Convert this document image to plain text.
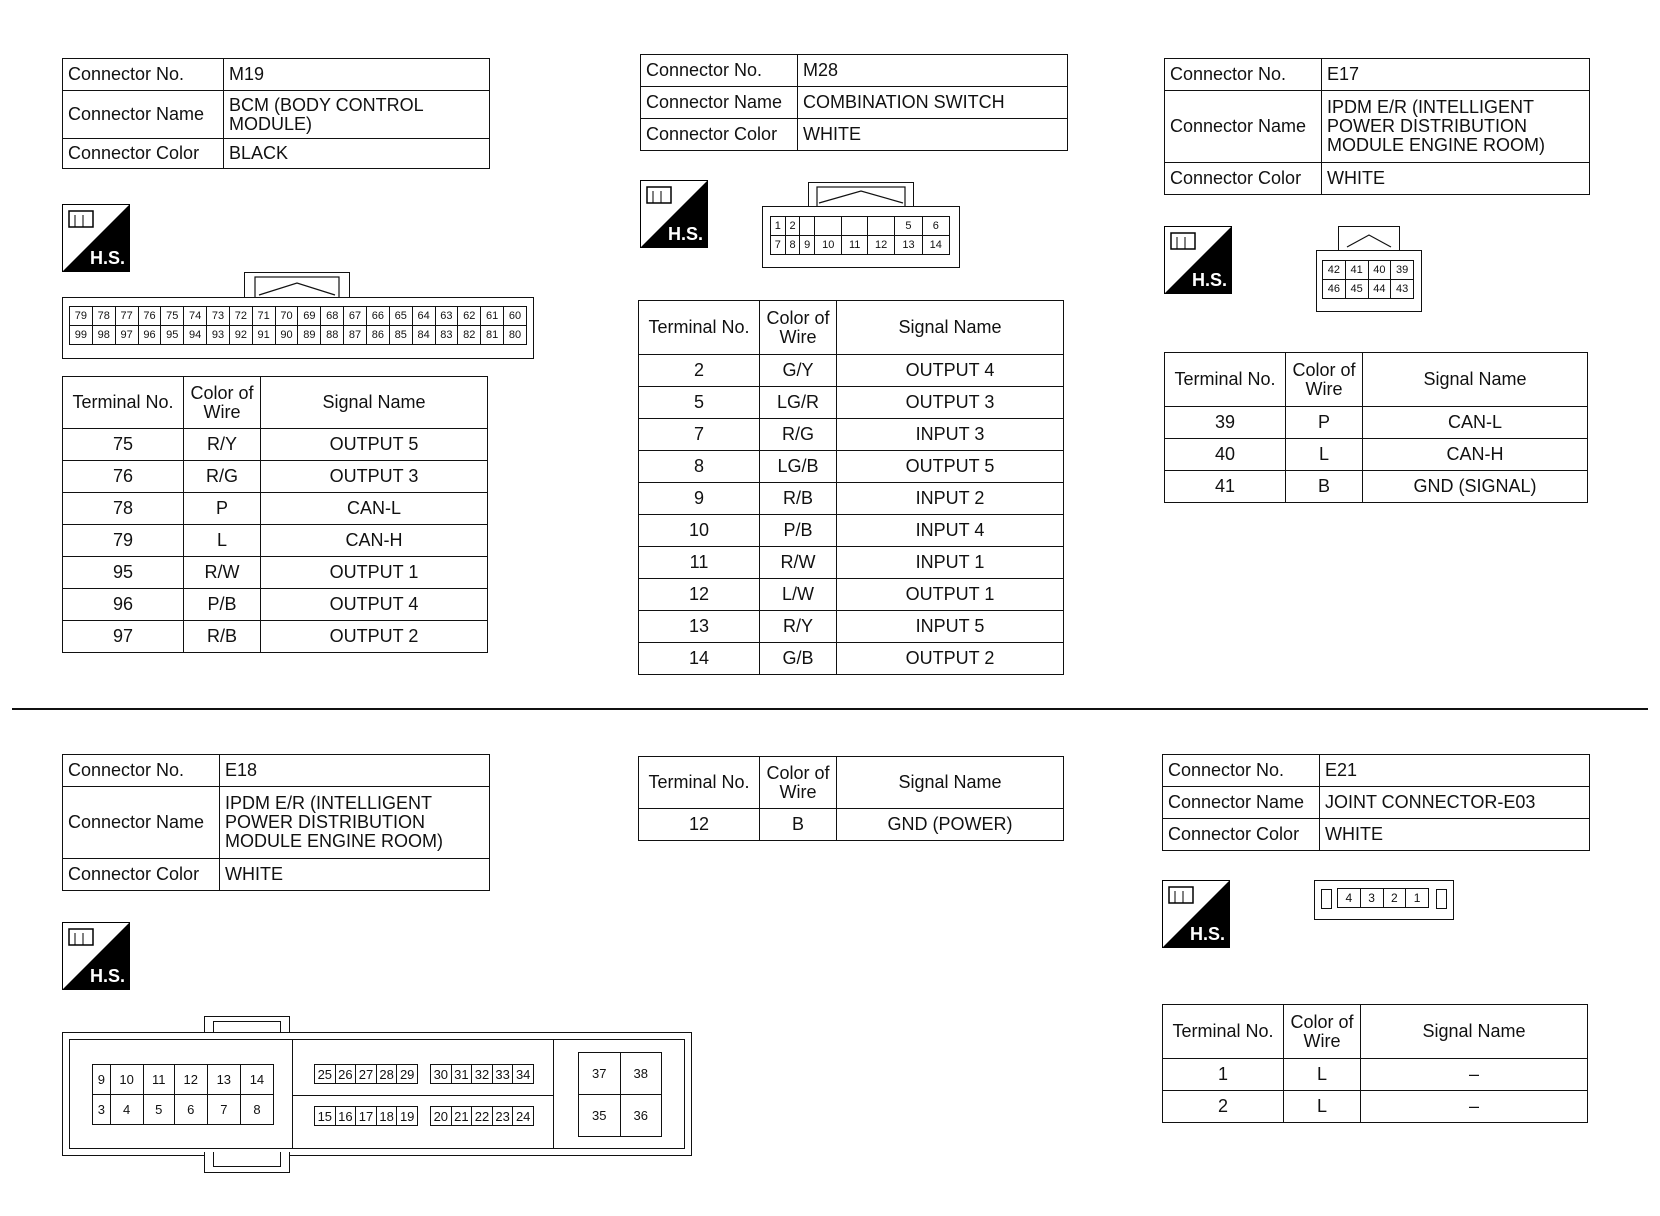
Connector No.	M19
Connector Name	BCM (BODY CONTROL MODULE)
Connector Color	BLACK
H.S.
79	78	77	76	75	74	73	72	71	70	69	68	67	66	65	64	63	62	61	60
99	98	97	96	95	94	93	92	91	90	89	88	87	86	85	84	83	82	81	80
Terminal No.	Color of Wire	Signal Name
75	R/Y	OUTPUT 5
76	R/G	OUTPUT 3
78	P	CAN-L
79	L	CAN-H
95	R/W	OUTPUT 1
96	P/B	OUTPUT 4
97	R/B	OUTPUT 2
Connector No.	M28
Connector Name	COMBINATION SWITCH
Connector Color	WHITE
H.S.	1	2					5	6
7	8	9	10	11	12	13	14
Terminal No.	Color of Wire	Signal Name
2	G/Y	OUTPUT 4
5	LG/R	OUTPUT 3
7	R/G	INPUT 3
8	LG/B	OUTPUT 5
9	R/B	INPUT 2
10	P/B	INPUT 4
11	R/W	INPUT 1
12	L/W	OUTPUT 1
13	R/Y	INPUT 5
14	G/B	OUTPUT 2
Connector No.	E17
Connector Name	IPDM E/R (INTELLIGENT POWER DISTRIBUTION MODULE ENGINE ROOM)
Connector Color	WHITE
H.S.	42	41	40	39
46	45	44	43
Terminal No.	Color of Wire	Signal Name
39	P	CAN-L
40	L	CAN-H
41	B	GND (SIGNAL)
Connector No.	E18
Connector Name	IPDM E/R (INTELLIGENT POWER DISTRIBUTION MODULE ENGINE ROOM)
Connector Color	WHITE
H.S.
9	10	11	12	13	14
3	4	5	6	7	8
25	26	27	28	29 30	31	32	33	34
15	16	17	18	19 20	21	22	23	24
37	38
35	36
Terminal No.	Color of Wire	Signal Name
12	B	GND (POWER)
Connector No.	E21
Connector Name	JOINT CONNECTOR-E03
Connector Color	WHITE
H.S.
4	3	2	1
Terminal No.	Color of Wire	Signal Name
1	L	–
2	L	–
